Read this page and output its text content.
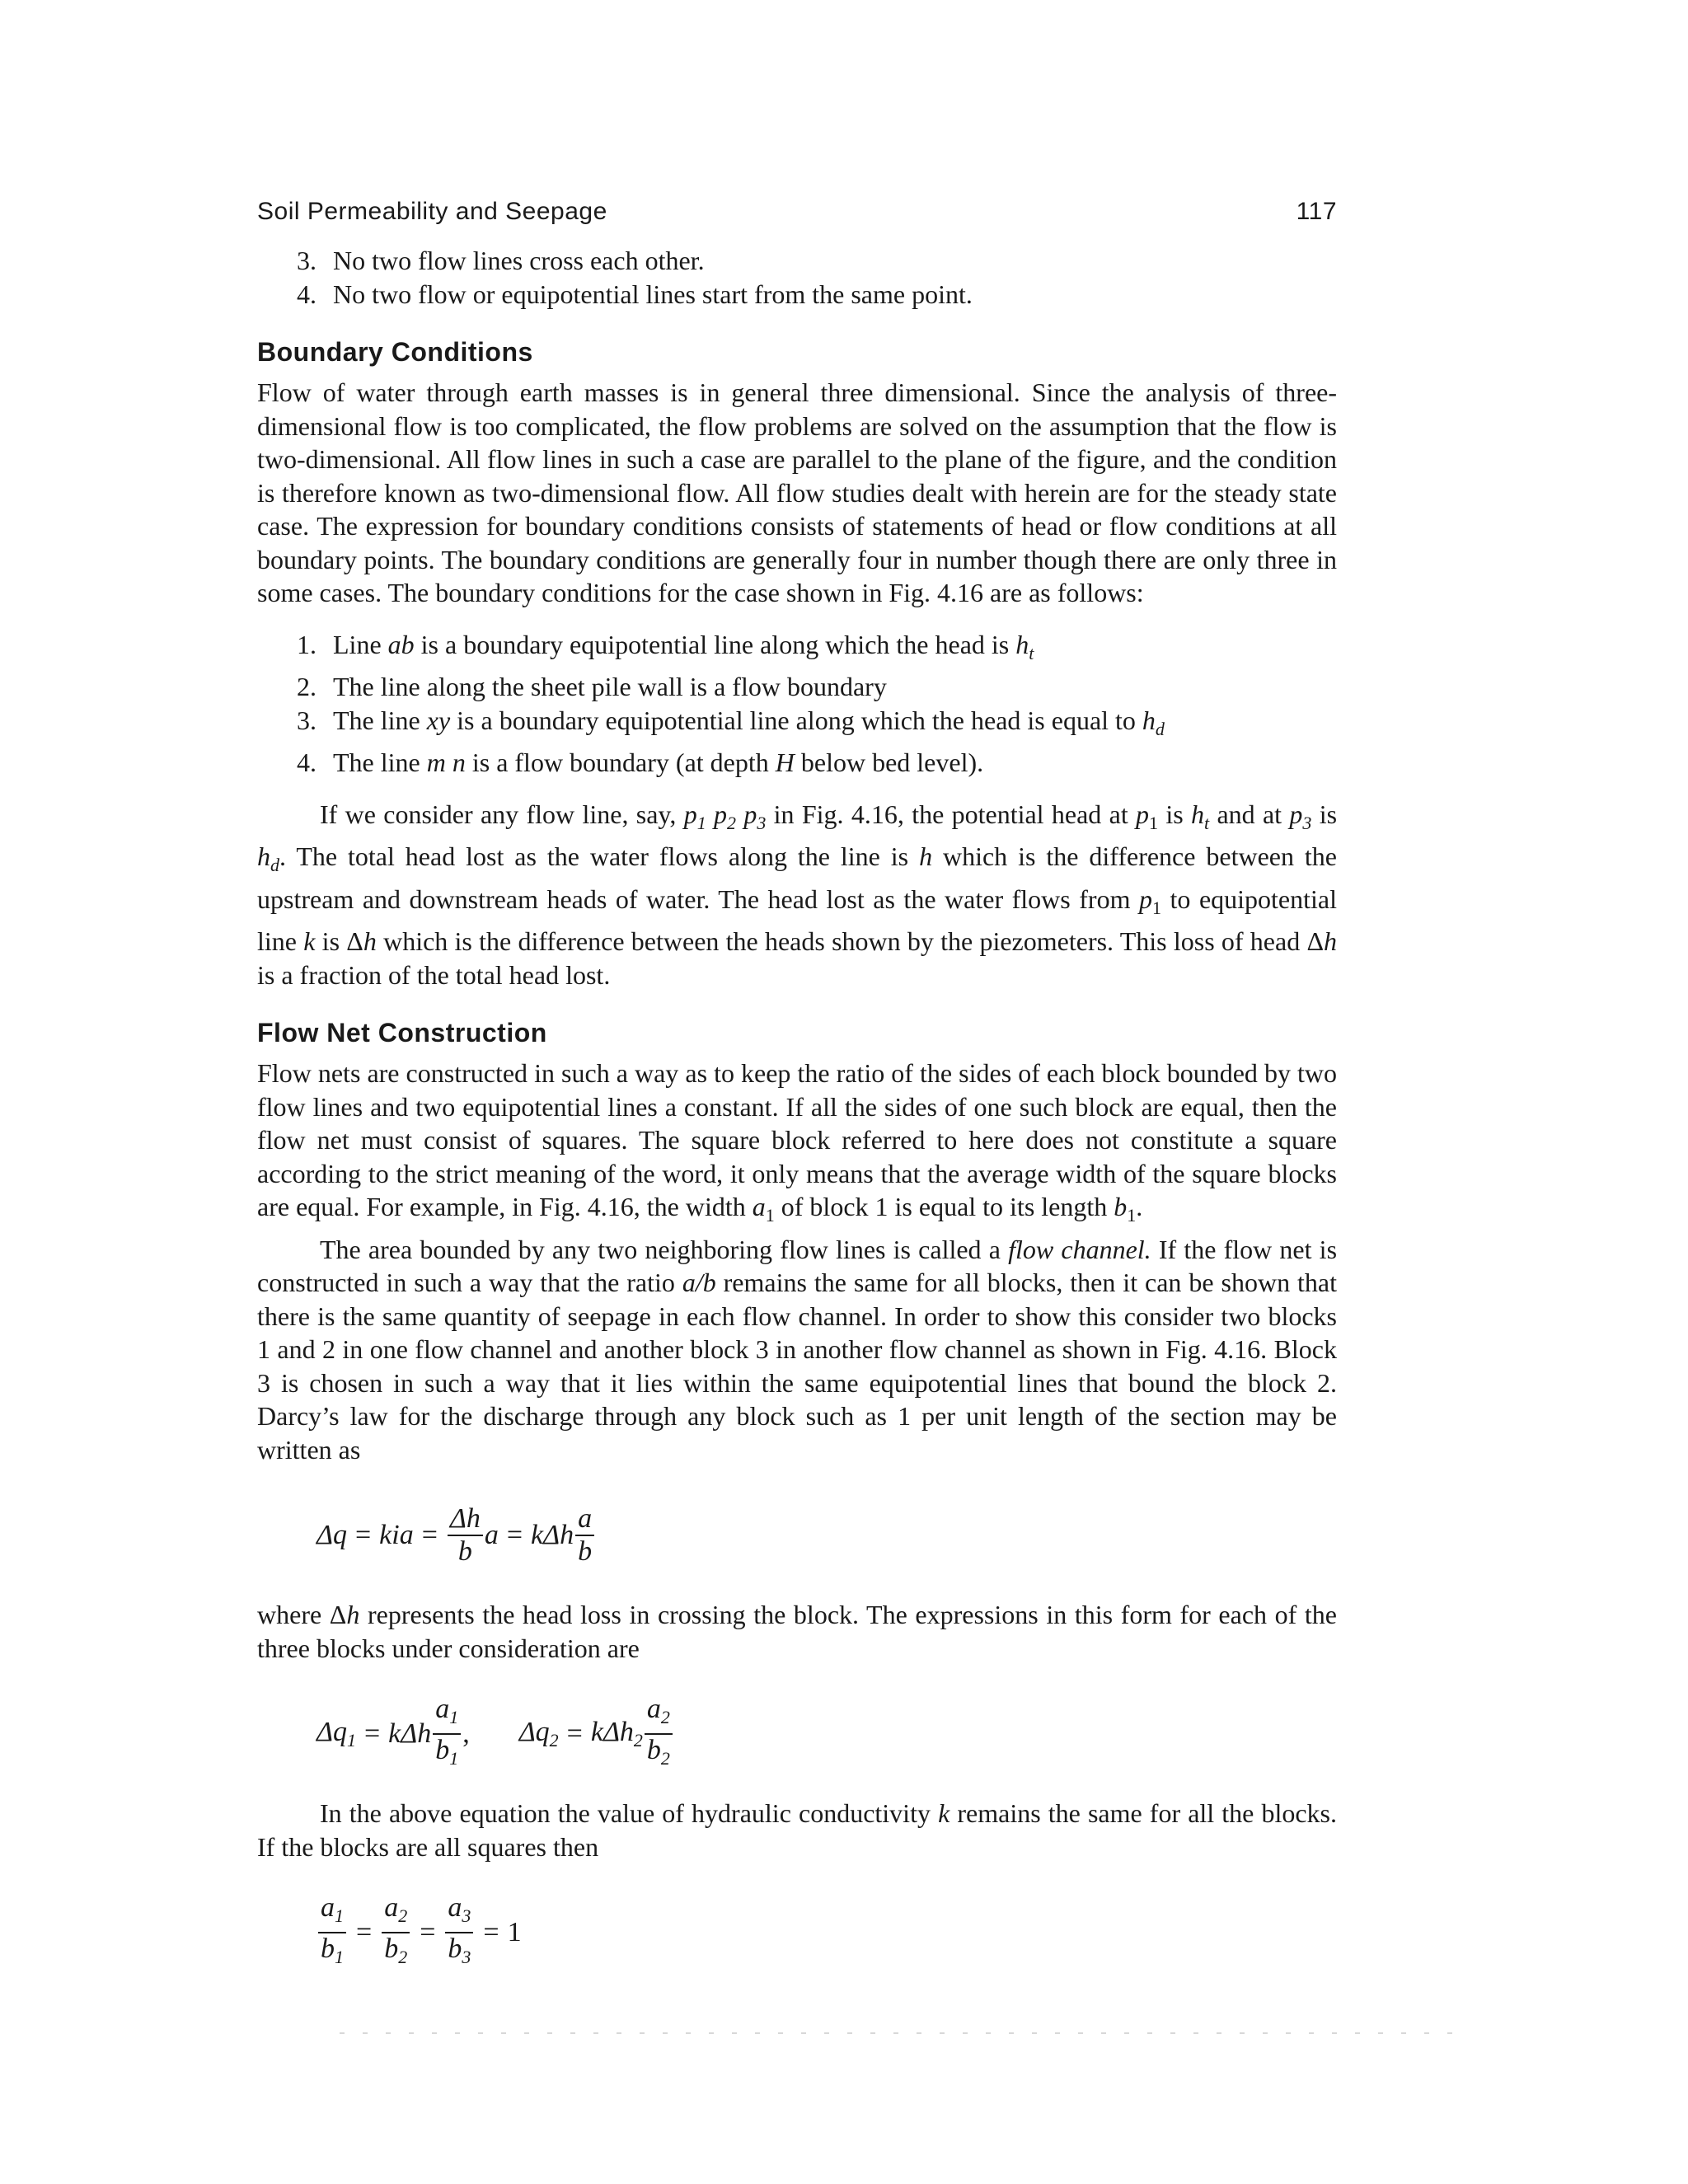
Soil Permeability and Seepage	117
3. No two flow lines cross each other.
4. No two flow or equipotential lines start from the same point.
Boundary Conditions

Flow of water through earth masses is in general three dimensional. Since the analysis of three-dimensional flow is too complicated, the flow problems are solved on the assumption that the flow is two-dimensional. All flow lines in such a case are parallel to the plane of the figure, and the condition is therefore known as two-dimensional flow. All flow studies dealt with herein are for the steady state case. The expression for boundary conditions consists of statements of head or flow conditions at all boundary points. The boundary conditions are generally four in number though there are only three in some cases. The boundary conditions for the case shown in Fig. 4.16 are as follows:

1. Line ab is a boundary equipotential line along which the head is $h_t$
2. The line along the sheet pile wall is a flow boundary
3. The line xy is a boundary equipotential line along which the head is equal to $h_d$
4. The line m n is a flow boundary (at depth H below bed level).

If we consider any flow line, say, $p_1$ $p_2$ $p_3$ in Fig. 4.16, the potential head at $p_1$ is $h_t$ and at $p_3$ is $h_d$. The total head lost as the water flows along the line is h which is the difference between the upstream and downstream heads of water. The head lost as the water flows from $p_1$ to equipotential line k is Δh which is the difference between the heads shown by the piezometers. This loss of head Δh is a fraction of the total head lost.

Flow Net Construction

Flow nets are constructed in such a way as to keep the ratio of the sides of each block bounded by two flow lines and two equipotential lines a constant. If all the sides of one such block are equal, then the flow net must consist of squares. The square block referred to here does not constitute a square according to the strict meaning of the word, it only means that the average width of the square blocks are equal. For example, in Fig. 4.16, the width $a_1$ of block 1 is equal to its length $b_1$.

The area bounded by any two neighboring flow lines is called a flow channel. If the flow net is constructed in such a way that the ratio a/b remains the same for all blocks, then it can be shown that there is the same quantity of seepage in each flow channel. In order to show this consider two blocks 1 and 2 in one flow channel and another block 3 in another flow channel as shown in Fig. 4.16. Block 3 is chosen in such a way that it lies within the same equipotential lines that bound the block 2. Darcy’s law for the discharge through any block such as 1 per unit length of the section may be written as

Δq = kia = $\frac{\Delta h}{b}$ a = kΔh $\frac{a}{b}$

where Δh represents the head loss in crossing the block. The expressions in this form for each of the three blocks under consideration are

$\Delta q_1 = k\Delta h \frac{a_1}{b_1}$ , $\Delta q_2 = k\Delta h_2 \frac{a_2}{b_2}$

In the above equation the value of hydraulic conductivity k remains the same for all the blocks. If the blocks are all squares then

$\frac{a_1}{b_1} = \frac{a_2}{b_2} = \frac{a_3}{b_3} = 1$
